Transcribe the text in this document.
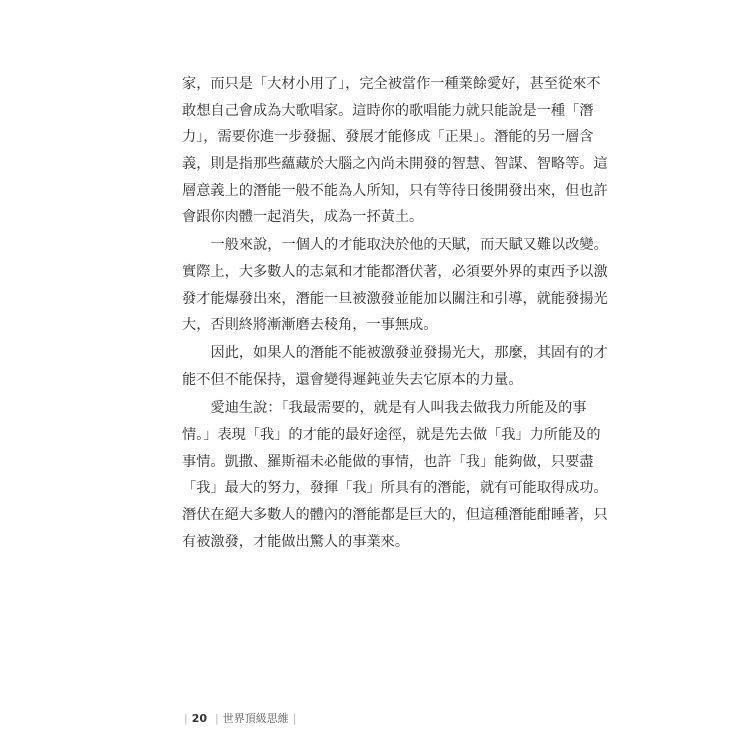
家，而只是「大材小用了」，完全被當作一種業餘愛好，甚至從來不
敢想自己會成為大歌唱家。這時你的歌唱能力就只能說是一種「潛
力」，需要你進一步發掘、發展才能修成「正果」。潛能的另一層含
義，則是指那些蘊藏於大腦之內尚未開發的智慧、智謀、智略等。這
層意義上的潛能一般不能為人所知，只有等待日後開發出來，但也許
會跟你肉體一起消失，成為一抔黃土。
一般來說，一個人的才能取決於他的天賦，而天賦又難以改變。
實際上，大多數人的志氣和才能都潛伏著，必須要外界的東西予以激
發才能爆發出來，潛能一旦被激發並能加以關注和引導，就能發揚光
大，否則終將漸漸磨去稜角，一事無成。
因此，如果人的潛能不能被激發並發揚光大，那麼，其固有的才
能不但不能保持，還會變得遲鈍並失去它原本的力量。
愛迪生說：「我最需要的，就是有人叫我去做我力所能及的事
情。」表現「我」的才能的最好途徑，就是先去做「我」力所能及的
事情。凱撒、羅斯福未必能做的事情，也許「我」能夠做，只要盡
「我」最大的努力，發揮「我」所具有的潛能，就有可能取得成功。
潛伏在絕大多數人的體內的潛能都是巨大的，但這種潛能酣睡著，只
有被激發，才能做出驚人的事業來。
| 20 | 世界頂級思維 |
